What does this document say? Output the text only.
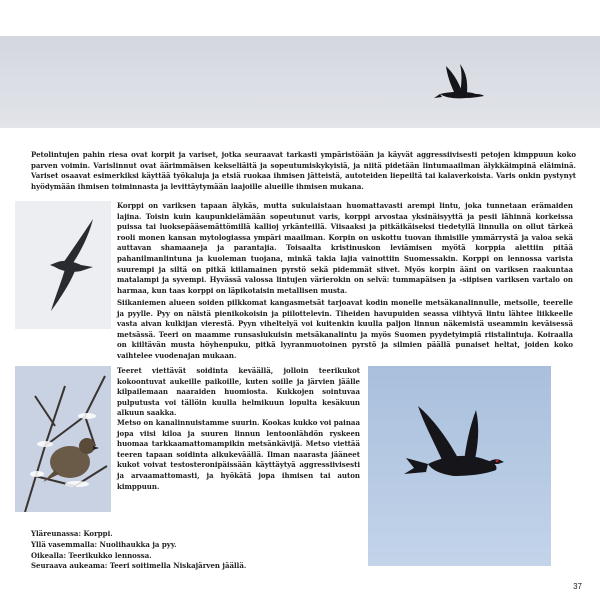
Petolintujen pahin riesa ovat korpit ja variset, jotka seuraavat tarkasti ympäristöään ja käyvät aggressiivisesti petojen kimppuun koko parven voimin. Varislinnut ovat äärimmäisen kekseliäitä ja sopeutumiskykyisiä, ja niitä pidetään lintumaailman älykkäimpinä eläiminä. Variset osaavat esimerkiksi käyttää työkaluja ja etsiä ruokaa ihmisen jätteistä, autoteiden liepeiltä tai kalaverkoista. Varis onkin pystynyt hyödymään ihmisen toiminnasta ja levittäytymään laajoille alueille ihmisen mukana.

Korppi on variksen tapaan älykäs, mutta sukulaistaan huomattavasti arempi lintu, joka tunnetaan erämaiden lajina. Toisin kuin kaupunkielämään sopeutunut varis, korppi arvostaa yksinäisyyttä ja pesii lähinnä korkeissa puissa tai luoksepääsemättömillä kallioj yrkänteillä. Viisaaksi ja pitkäikäiseksi tiedetyllä linnulla on ollut tärkeä rooli monen kansan mytologiassa ympäri maailman. Korpin on uskottu tuovan ihmisille ymmärrystä ja valoa sekä auttavan shamaaneja ja parantajia. Toisaalta kristinuskon leviämisen myötä korppia alettiin pitää pahanilmanlintuna ja kuoleman tuojana, minkä takia lajia vainottiin Suomessakin. Korppi on lennossa varista suurempi ja siltä on pitkä kiilamainen pyrstö sekä pidemmät siivet. Myös korpin ääni on variksen raakuntaa matalampi ja syvempi. Hyvässä valossa lintujen värierokin on selvä: tummapäisen ja -siipisen variksen vartalo on harmaa, kun taas korppi on läpikotaisin metallisen musta.

Siikaniemen alueen soiden pilkkomat kangasmetsät tarjoavat kodin monelle metsäkanalinnulle, metsolle, teerelle ja pyylle. Pyy on näistä pienikokoisin ja piilottelevin. Tiheiden havupuiden seassa viihtyvä lintu lähtee liikkeelle vasta aivan kulkijan vierestä. Pyyn viheltelyä voi kuitenkin kuulla paljon linnun näkemistä useammin keväisessä metsässä. Teeri on maamme runsaslukuisin metsäkanalintu ja myös Suomen pyydetyimpiä riistalintuja. Koiraalla on kiiltävän musta höyhenpuku, pitkä lyyranmuotoinen pyrstö ja silmien päällä punaiset heltat, joiden koko vaihtelee vuodenajan mukaan.

Teeret viettävät soidinta keväällä, jolloin teerikukot kokoontuvat aukeille paikoille, kuten soille ja järvien jäälle kilpailemaan naaraiden huomiosta. Kukkojen sointuvaa pulputusta voi tällöin kuulla helmikuun lopulta kesäkuun alkuun saakka.

Metso on kanalinnuistamme suurin. Kookas kukko voi painaa jopa viisi kiloa ja suuren linnun lentoonlähdön ryskeen huomaa tarkkaamattomampikin metsänkävijä. Metso viettää teeren tapaan soidinta alkukeväällä. Ilman naarasta jääneet kukot voivat testosteronipäissään käyttäytyä aggressiivisesti ja arvaamattomasti, ja hyökätä jopa ihmisen tai auton kimppuun.

Yläreunassa: Korppi.
Yllä vasemmalla: Nuolihaukka ja pyy.
Oikealla: Teerikukko lennossa.
Seuraava aukeama: Teeri soitimella Niskajärven jäällä.
37
